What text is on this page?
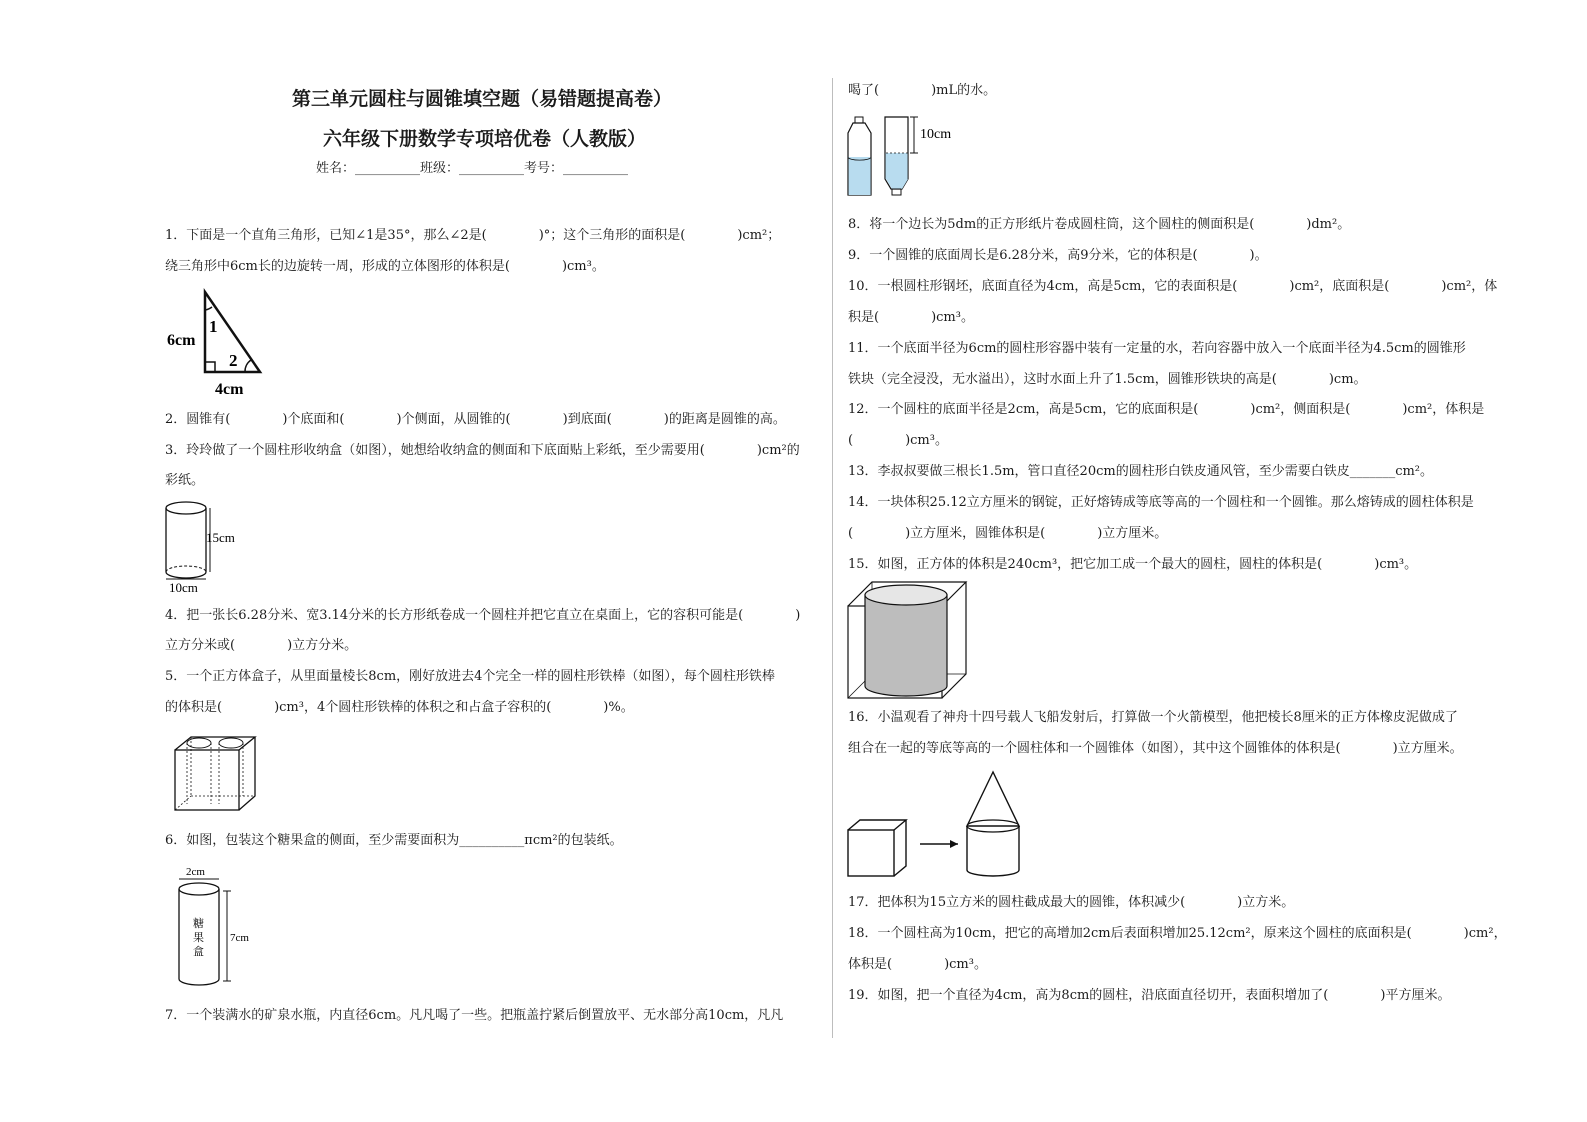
第三单元圆柱与圆锥填空题（易错题提高卷）
六年级下册数学专项培优卷（人教版）
姓名：__________班级：__________考号：__________
1．下面是一个直角三角形，已知∠1是35°，那么∠2是(　　　　)°；这个三角形的面积是(　　　　)cm²；
绕三角形中6cm长的边旋转一周，形成的立体图形的体积是(　　　　)cm³。
1
2
6cm
4cm
2．圆锥有(　　　　)个底面和(　　　　)个侧面，从圆锥的(　　　　)到底面(　　　　)的距离是圆锥的高。
3．玲玲做了一个圆柱形收纳盒（如图），她想给收纳盒的侧面和下底面贴上彩纸，至少需要用(　　　　)cm²的
彩纸。
15cm
10cm
4．把一张长6.28分米、宽3.14分米的长方形纸卷成一个圆柱并把它直立在桌面上，它的容积可能是(　　　　)
立方分米或(　　　　)立方分米。
5．一个正方体盒子，从里面量棱长8cm，刚好放进去4个完全一样的圆柱形铁棒（如图），每个圆柱形铁棒
的体积是(　　　　)cm³，4个圆柱形铁棒的体积之和占盒子容积的(　　　　)%。
6．如图，包装这个糖果盒的侧面，至少需要面积为__________πcm²的包装纸。
2cm
7cm
糖
果
盒
7．一个装满水的矿泉水瓶，内直径6cm。凡凡喝了一些。把瓶盖拧紧后倒置放平、无水部分高10cm，凡凡
喝了(　　　　)mL的水。
10cm
8．将一个边长为5dm的正方形纸片卷成圆柱筒，这个圆柱的侧面积是(　　　　)dm²。
9．一个圆锥的底面周长是6.28分米，高9分米，它的体积是(　　　　)。
10．一根圆柱形钢坯，底面直径为4cm，高是5cm，它的表面积是(　　　　)cm²，底面积是(　　　　)cm²，体
积是(　　　　)cm³。
11．一个底面半径为6cm的圆柱形容器中装有一定量的水，若向容器中放入一个底面半径为4.5cm的圆锥形
铁块（完全浸没，无水溢出），这时水面上升了1.5cm，圆锥形铁块的高是(　　　　)cm。
12．一个圆柱的底面半径是2cm，高是5cm，它的底面积是(　　　　)cm²，侧面积是(　　　　)cm²，体积是
(　　　　)cm³。
13．李叔叔要做三根长1.5m，管口直径20cm的圆柱形白铁皮通风管，至少需要白铁皮_______cm²。
14．一块体积25.12立方厘米的钢锭，正好熔铸成等底等高的一个圆柱和一个圆锥。那么熔铸成的圆柱体积是
(　　　　)立方厘米，圆锥体积是(　　　　)立方厘米。
15．如图，正方体的体积是240cm³，把它加工成一个最大的圆柱，圆柱的体积是(　　　　)cm³。
16．小温观看了神舟十四号载人飞船发射后，打算做一个火箭模型，他把棱长8厘米的正方体橡皮泥做成了
组合在一起的等底等高的一个圆柱体和一个圆锥体（如图），其中这个圆锥体的体积是(　　　　)立方厘米。
17．把体积为15立方米的圆柱截成最大的圆锥，体积减少(　　　　)立方米。
18．一个圆柱高为10cm，把它的高增加2cm后表面积增加25.12cm²，原来这个圆柱的底面积是(　　　　)cm²，
体积是(　　　　)cm³。
19．如图，把一个直径为4cm，高为8cm的圆柱，沿底面直径切开，表面积增加了(　　　　)平方厘米。
